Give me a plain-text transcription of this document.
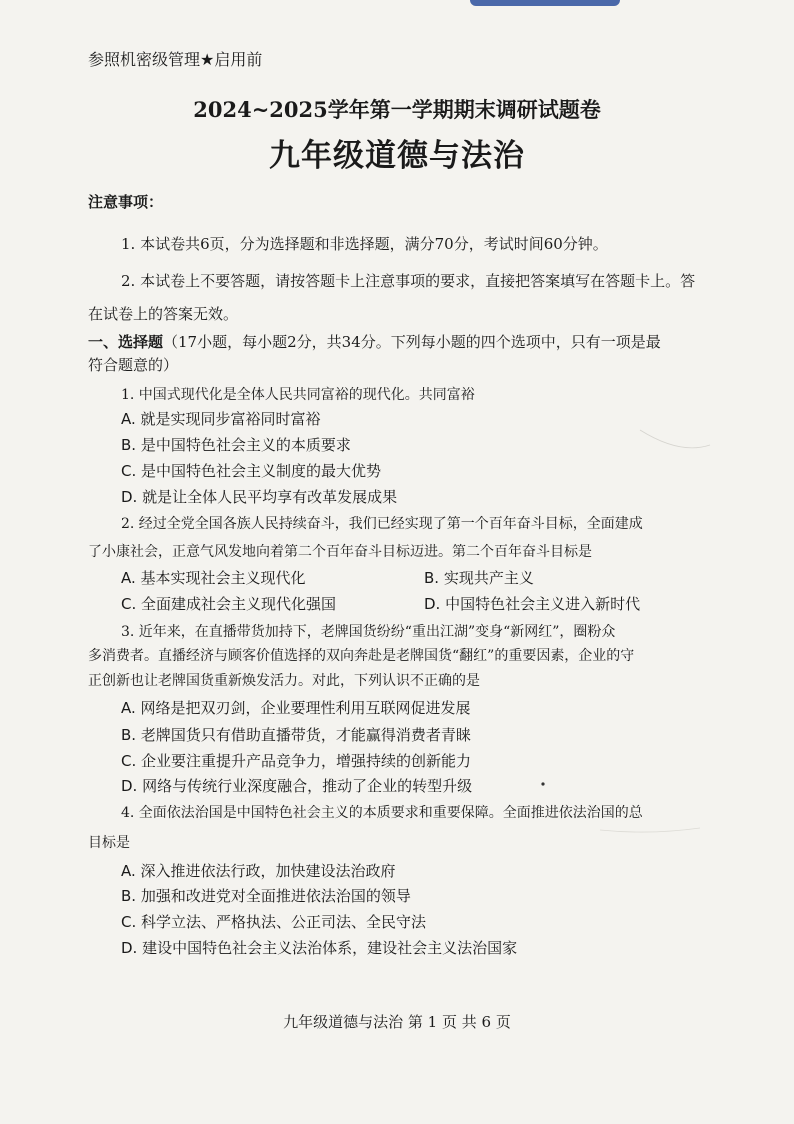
参照机密级管理★启用前
2024~2025学年第一学期期末调研试题卷
九年级道德与法治
注意事项：
1. 本试卷共6页，分为选择题和非选择题，满分70分，考试时间60分钟。
2. 本试卷上不要答题，请按答题卡上注意事项的要求，直接把答案填写在答题卡上。答
在试卷上的答案无效。
一、选择题（17小题，每小题2分，共34分。下列每小题的四个选项中，只有一项是最
符合题意的）
1. 中国式现代化是全体人民共同富裕的现代化。共同富裕
A. 就是实现同步富裕同时富裕
B. 是中国特色社会主义的本质要求
C. 是中国特色社会主义制度的最大优势
D. 就是让全体人民平均享有改革发展成果
2. 经过全党全国各族人民持续奋斗，我们已经实现了第一个百年奋斗目标，全面建成
了小康社会，正意气风发地向着第二个百年奋斗目标迈进。第二个百年奋斗目标是
A. 基本实现社会主义现代化	B. 实现共产主义
C. 全面建成社会主义现代化强国	D. 中国特色社会主义进入新时代
3. 近年来，在直播带货加持下，老牌国货纷纷“重出江湖”变身“新网红”，圈粉众
多消费者。直播经济与顾客价值选择的双向奔赴是老牌国货“翻红”的重要因素，企业的守
正创新也让老牌国货重新焕发活力。对此，下列认识不正确的是
A. 网络是把双刃剑，企业要理性利用互联网促进发展
B. 老牌国货只有借助直播带货，才能赢得消费者青睐
C. 企业要注重提升产品竞争力，增强持续的创新能力
D. 网络与传统行业深度融合，推动了企业的转型升级
4. 全面依法治国是中国特色社会主义的本质要求和重要保障。全面推进依法治国的总
目标是
A. 深入推进依法行政，加快建设法治政府
B. 加强和改进党对全面推进依法治国的领导
C. 科学立法、严格执法、公正司法、全民守法
D. 建设中国特色社会主义法治体系，建设社会主义法治国家
九年级道德与法治 第 1 页 共 6 页
